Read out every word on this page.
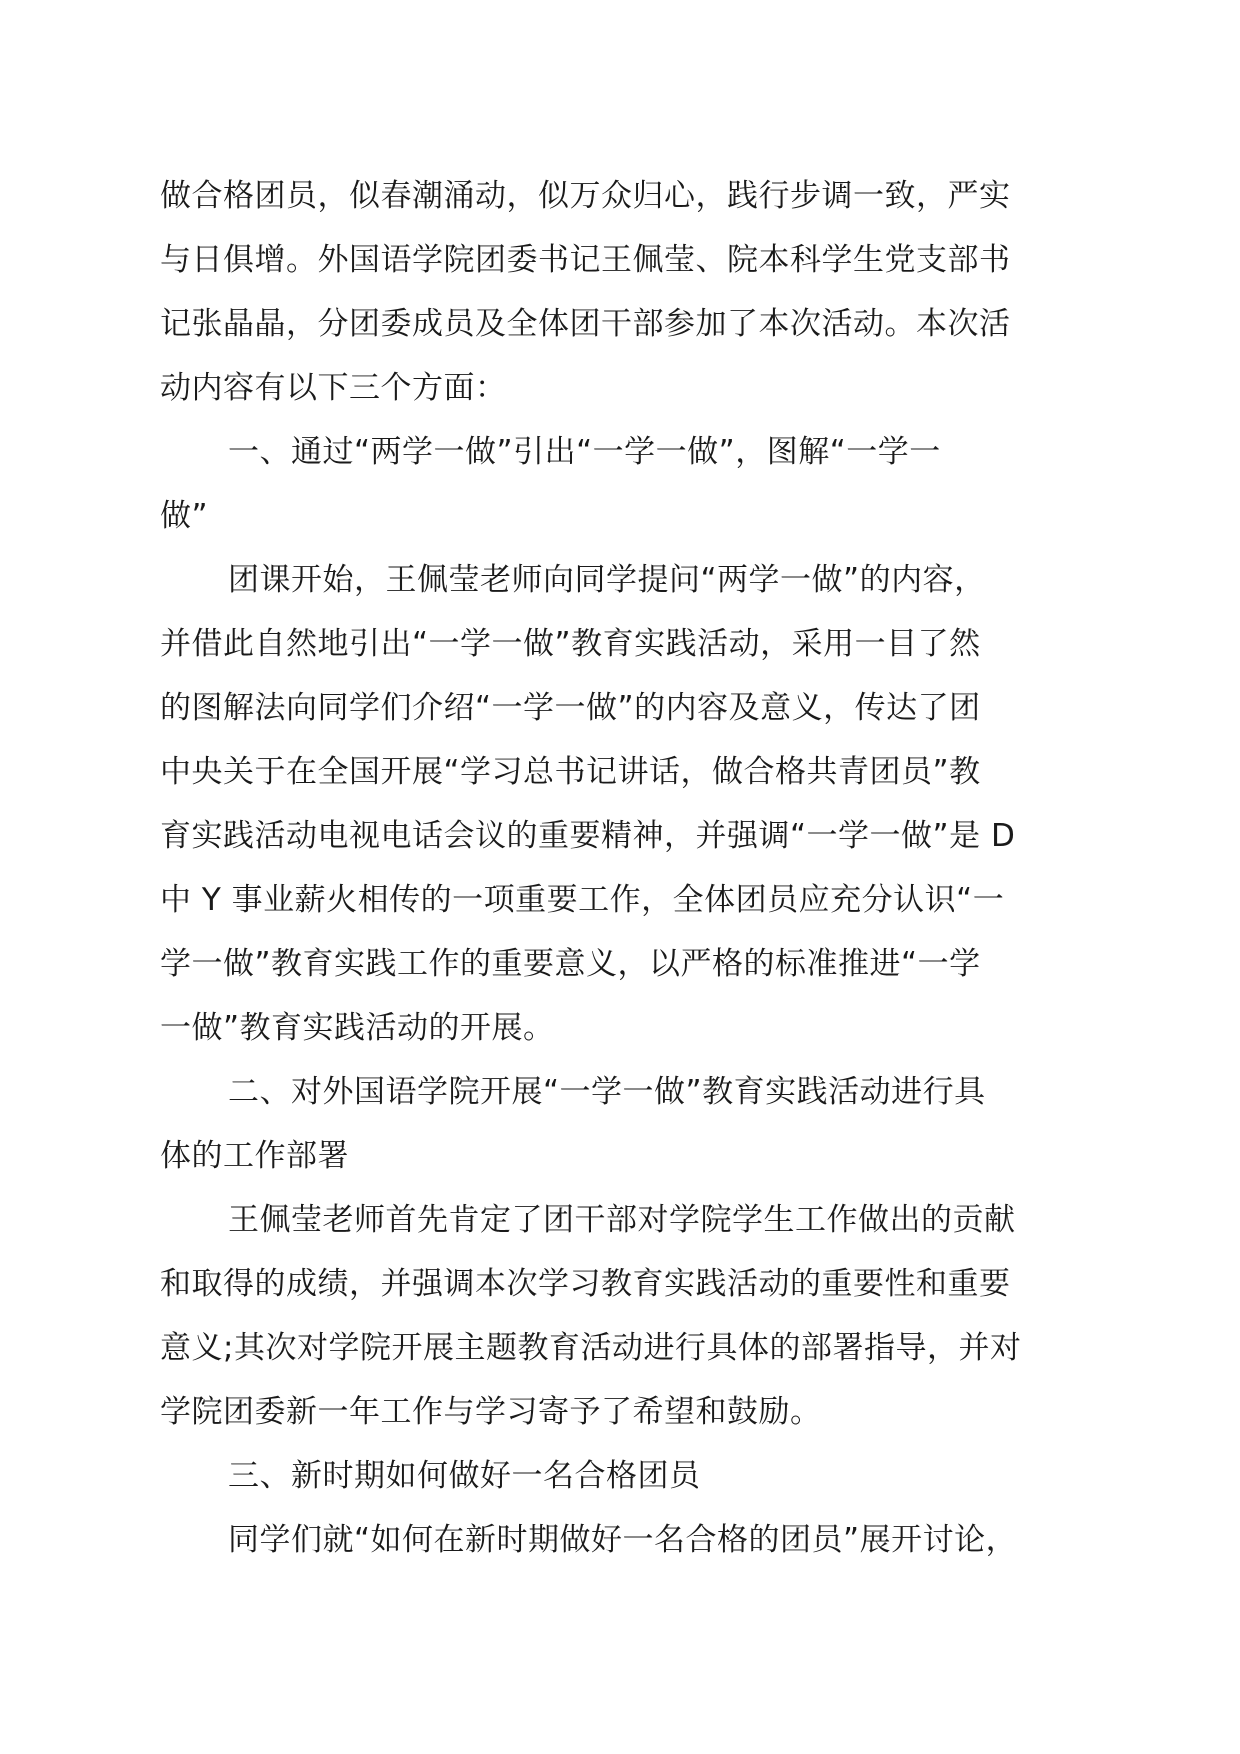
做合格团员，似春潮涌动，似万众归心，践行步调一致，严实
与日俱增。外国语学院团委书记王佩莹、院本科学生党支部书
记张晶晶，分团委成员及全体团干部参加了本次活动。本次活
动内容有以下三个方面：
一、通过“两学一做”引出“一学一做”，图解“一学一
做”
团课开始，王佩莹老师向同学提问“两学一做”的内容，
并借此自然地引出“一学一做”教育实践活动，采用一目了然
的图解法向同学们介绍“一学一做”的内容及意义，传达了团
中央关于在全国开展“学习总书记讲话，做合格共青团员”教
育实践活动电视电话会议的重要精神，并强调“一学一做”是 D
中 Y 事业薪火相传的一项重要工作，全体团员应充分认识“一
学一做”教育实践工作的重要意义，以严格的标准推进“一学
一做”教育实践活动的开展。
二、对外国语学院开展“一学一做”教育实践活动进行具
体的工作部署
王佩莹老师首先肯定了团干部对学院学生工作做出的贡献
和取得的成绩，并强调本次学习教育实践活动的重要性和重要
意义;其次对学院开展主题教育活动进行具体的部署指导，并对
学院团委新一年工作与学习寄予了希望和鼓励。
三、新时期如何做好一名合格团员
同学们就“如何在新时期做好一名合格的团员”展开讨论，
